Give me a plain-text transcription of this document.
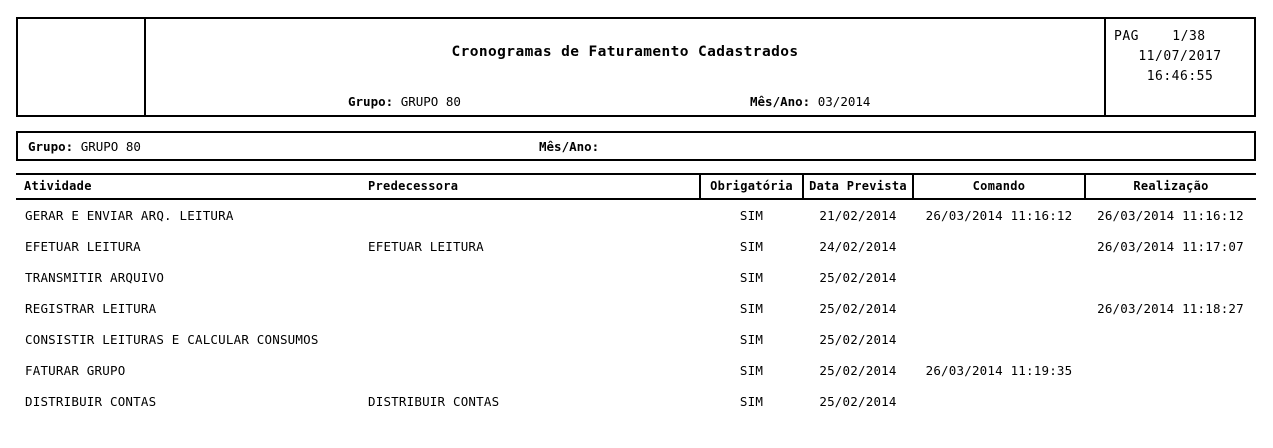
Cronogramas de Faturamento Cadastrados
Grupo: GRUPO 80	Mês/Ano: 03/2014
PAG    1/38
11/07/2017
16:46:55
Grupo: GRUPO 80	Mês/Ano:
Atividade	Predecessora	Obrigatória	Data Prevista	Comando	Realização
GERAR E ENVIAR ARQ. LEITURA		SIM	21/02/2014	26/03/2014 11:16:12	26/03/2014 11:16:12
EFETUAR LEITURA	EFETUAR LEITURA	SIM	24/02/2014		26/03/2014 11:17:07
TRANSMITIR ARQUIVO		SIM	25/02/2014		
REGISTRAR LEITURA		SIM	25/02/2014		26/03/2014 11:18:27
CONSISTIR LEITURAS E CALCULAR CONSUMOS		SIM	25/02/2014		
FATURAR GRUPO		SIM	25/02/2014	26/03/2014 11:19:35	
DISTRIBUIR CONTAS	DISTRIBUIR CONTAS	SIM	25/02/2014		
